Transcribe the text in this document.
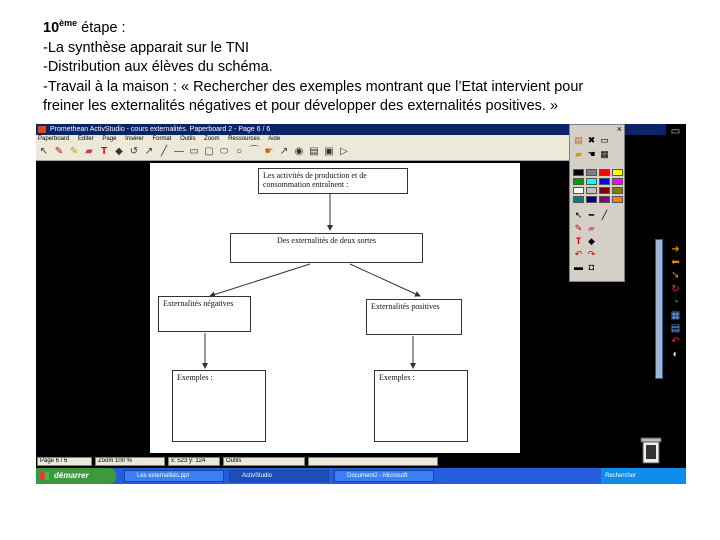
10ème étape :
-La synthèse apparait sur le TNI
-Distribution aux élèves du schéma.
-Travail à la maison : « Rechercher des exemples montrant que l’Etat intervient pour
freiner les externalités négatives et pour développer des externalités positives. »
Promethean ActivStudio - cours externalités. Paperboard 2 - Page 6 / 6
Paperboard Éditer Page Insérer Format Outils Zoom Ressources Aide
↖ ✎ ✎ ▰ T ◆ ↺ ↗ ╱ — ▭ ▢ ⬭ ○ ⌒ ☛ ↗ ◉ ▤ ▣ ▷
×
▤ ✖ ▭
▰ ☚ ▦
↖ ━ ╱
✎ ▰
T ◆
↶ ↷
▬ ◘
▭
➜
⬅
➘
↻
◔
▦
▤
↶
◐
Les activités de production et de consommation entraînent :
Des externalités de deux sortes
Externalités négatives	Externalités positives
Exemples :	Exemples :
Page 6 / 6	Zoom 100 %	x: 523 y: 124	Outils
démarrer	Les externalités.ppt	ActivStudio	Document2 - Microsoft	Rechercher
